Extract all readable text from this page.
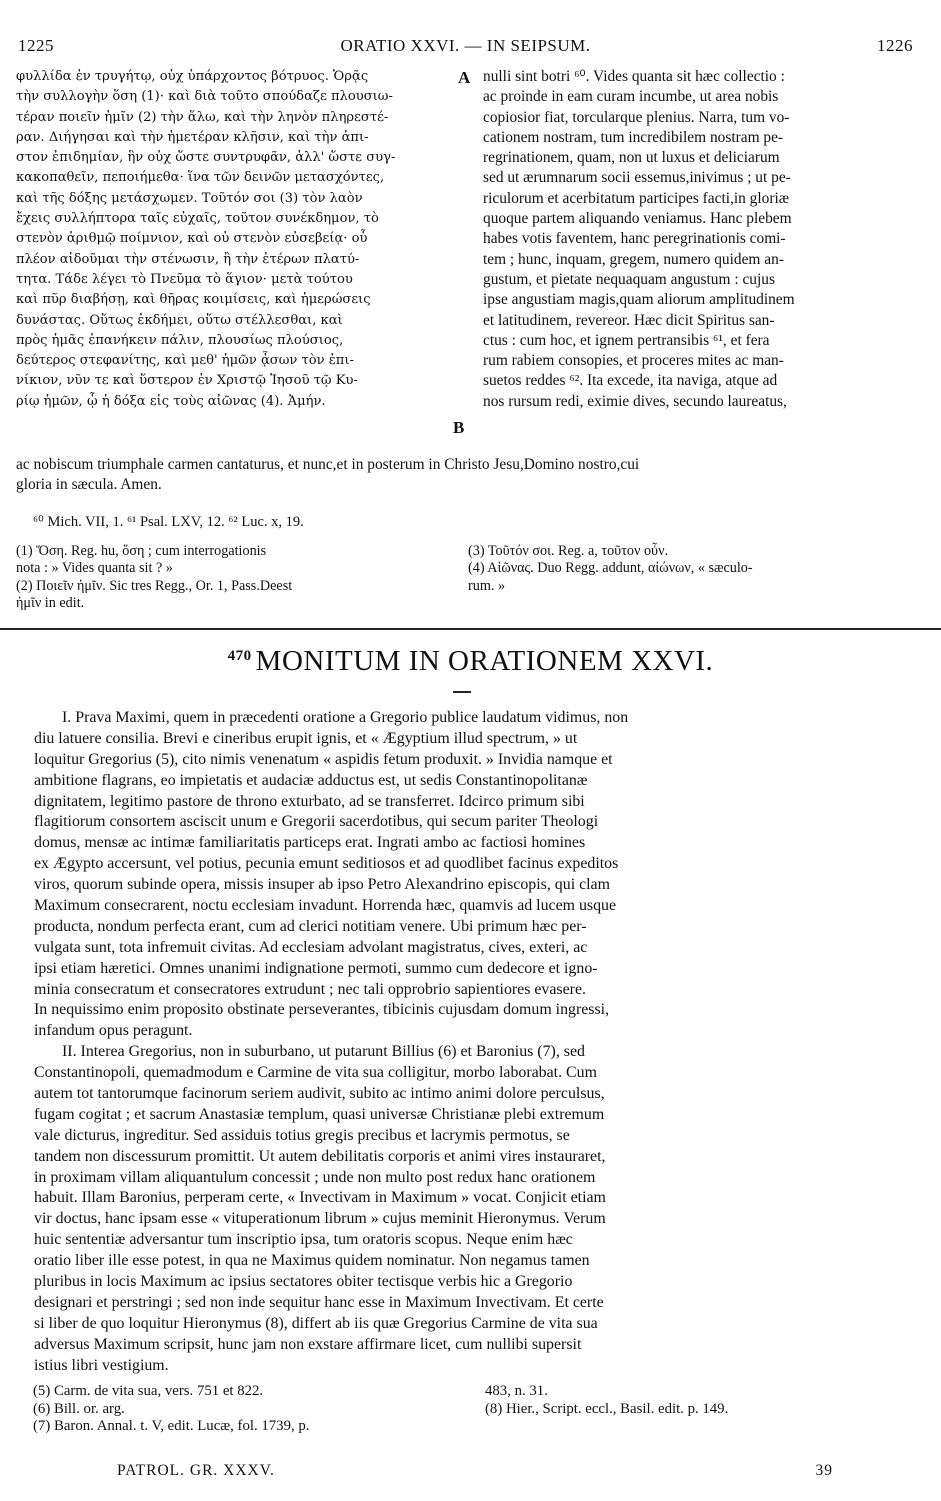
1225	ORATIO XXVI. — IN SEIPSUM.	1226
φυλλίδα ἐν τρυγήτῳ, οὐχ ὑπάρχοντος βότρυος. Ὁρᾷς
τὴν συλλογὴν ὅση (1)· καὶ διὰ τοῦτο σπούδαζε πλουσιω-
τέραν ποιεῖν ἡμῖν (2) τὴν ἅλω, καὶ τὴν ληνὸν πληρεστέ-
ραν. Διήγησαι καὶ τὴν ἡμετέραν κλῆσιν, καὶ τὴν ἀπι-
στον ἐπιδημίαν, ἣν οὐχ ὥστε συντρυφᾶν, ἀλλ' ὥστε συγ-
κακοπαθεῖν, πεποιήμεθα· ἵνα τῶν δεινῶν μετασχόντες,
καὶ τῆς δόξης μετάσχωμεν. Τοῦτόν σοι (3) τὸν λαὸν
ἔχεις συλλήπτορα ταῖς εὐχαῖς, τοῦτον συνέκδημον, τὸ
στενὸν ἀριθμῷ ποίμνιον, καὶ οὐ στενὸν εὐσεβείᾳ· οὗ
πλέον αἰδοῦμαι τὴν στένωσιν, ἢ τὴν ἑτέρων πλατύ-
τητα. Τάδε λέγει τὸ Πνεῦμα τὸ ἅγιον· μετὰ τούτου
καὶ πῦρ διαβήσῃ, καὶ θῆρας κοιμίσεις, καὶ ἡμερώσεις
δυνάστας. Οὕτως ἐκδήμει, οὕτω στέλλεσθαι, καὶ
πρὸς ἡμᾶς ἐπανήκειν πάλιν, πλουσίως πλούσιος,
δεύτερος στεφανίτης, καὶ μεθ' ἡμῶν ᾆσων τὸν ἐπι-
νίκιον, νῦν τε καὶ ὕστερον ἐν Χριστῷ Ἰησοῦ τῷ Κυ-
ρίῳ ἡμῶν, ᾧ ἡ δόξα εἰς τοὺς αἰῶνας (4). Ἀμήν.
A
B
nulli sint botri ⁶⁰. Vides quanta sit hæc collectio :
ac proinde in eam curam incumbe, ut area nobis
copiosior fiat, torcularque plenius. Narra, tum vo-
cationem nostram, tum incredibilem nostram pe-
regrinationem, quam, non ut luxus et deliciarum
sed ut ærumnarum socii essemus,inivimus ; ut pe-
riculorum et acerbitatum participes facti,in gloriæ
quoque partem aliquando veniamus. Hanc plebem
habes votis faventem, hanc peregrinationis comi-
tem ; hunc, inquam, gregem, numero quidem an-
gustum, et pietate nequaquam angustum : cujus
ipse angustiam magis,quam aliorum amplitudinem
et latitudinem, revereor. Hæc dicit Spiritus san-
ctus : cum hoc, et ignem pertransibis ⁶¹, et fera
rum rabiem consopies, et proceres mites ac man-
suetos reddes ⁶². Ita excede, ita naviga, atque ad
nos rursum redi, eximie dives, secundo laureatus,
ac nobiscum triumphale carmen cantaturus, et nunc,et in posterum in Christo Jesu,Domino nostro,cui
gloria in sæcula. Amen.
⁶⁰ Mich. VII, 1. ⁶¹ Psal. LXV, 12. ⁶² Luc. x, 19.
(1) Ὅση. Reg. hu, ὅση ; cum interrogationis
nota : » Vides quanta sit ? »
(2) Ποιεῖν ἡμῖν. Sic tres Regg., Or. 1, Pass.Deest
ἡμῖν in edit.
(3) Τοῦτόν σοι. Reg. a, τοῦτον οὖν.
(4) Αἰῶνας. Duo Regg. addunt, αἰώνων, « sæculo-
rum. »
$^{470}$ MONITUM IN ORATIONEM XXVI.
I. Prava Maximi, quem in præcedenti oratione a Gregorio publice laudatum vidimus, non
diu latuere consilia. Brevi e cineribus erupit ignis, et « Ægyptium illud spectrum, » ut
loquitur Gregorius (5), cito nimis venenatum « aspidis fetum produxit. » Invidia namque et
ambitione flagrans, eo impietatis et audaciæ adductus est, ut sedis Constantinopolitanæ
dignitatem, legitimo pastore de throno exturbato, ad se transferret. Idcirco primum sibi
flagitiorum consortem asciscit unum e Gregorii sacerdotibus, qui secum pariter Theologi
domus, mensæ ac intimæ familiaritatis particeps erat. Ingrati ambo ac factiosi homines
ex Ægypto accersunt, vel potius, pecunia emunt seditiosos et ad quodlibet facinus expeditos
viros, quorum subinde opera, missis insuper ab ipso Petro Alexandrino episcopis, qui clam
Maximum consecrarent, noctu ecclesiam invadunt. Horrenda hæc, quamvis ad lucem usque
producta, nondum perfecta erant, cum ad clerici notitiam venere. Ubi primum hæc per-
vulgata sunt, tota infremuit civitas. Ad ecclesiam advolant magistratus, cives, exteri, ac
ipsi etiam hæretici. Omnes unanimi indignatione permoti, summo cum dedecore et igno-
minia consecratum et consecratores extrudunt ; nec tali opprobrio sapientiores evasere.
In nequissimo enim proposito obstinate perseverantes, tibicinis cujusdam domum ingressi,
infandum opus peragunt.
II. Interea Gregorius, non in suburbano, ut putarunt Billius (6) et Baronius (7), sed
Constantinopoli, quemadmodum e Carmine de vita sua colligitur, morbo laborabat. Cum
autem tot tantorumque facinorum seriem audivit, subito ac intimo animi dolore perculsus,
fugam cogitat ; et sacrum Anastasiæ templum, quasi universæ Christianæ plebi extremum
vale dicturus, ingreditur. Sed assiduis totius gregis precibus et lacrymis permotus, se
tandem non discessurum promittit. Ut autem debilitatis corporis et animi vires instauraret,
in proximam villam aliquantulum concessit ; unde non multo post redux hanc orationem
habuit. Illam Baronius, perperam certe, « Invectivam in Maximum » vocat. Conjicit etiam
vir doctus, hanc ipsam esse « vituperationum librum » cujus meminit Hieronymus. Verum
huic sententiæ adversantur tum inscriptio ipsa, tum oratoris scopus. Neque enim hæc
oratio liber ille esse potest, in qua ne Maximus quidem nominatur. Non negamus tamen
pluribus in locis Maximum ac ipsius sectatores obiter tectisque verbis hic a Gregorio
designari et perstringi ; sed non inde sequitur hanc esse in Maximum Invectivam. Et certe
si liber de quo loquitur Hieronymus (8), differt ab iis quæ Gregorius Carmine de vita sua
adversus Maximum scripsit, hunc jam non exstare affirmare licet, cum nullibi supersit
istius libri vestigium.
(5) Carm. de vita sua, vers. 751 et 822.
(6) Bill. or. arg.
(7) Baron. Annal. t. V, edit. Lucæ, fol. 1739, p.
483, n. 31.
(8) Hier., Script. eccl., Basil. edit. p. 149.
PATROL. GR. XXXV.	39
